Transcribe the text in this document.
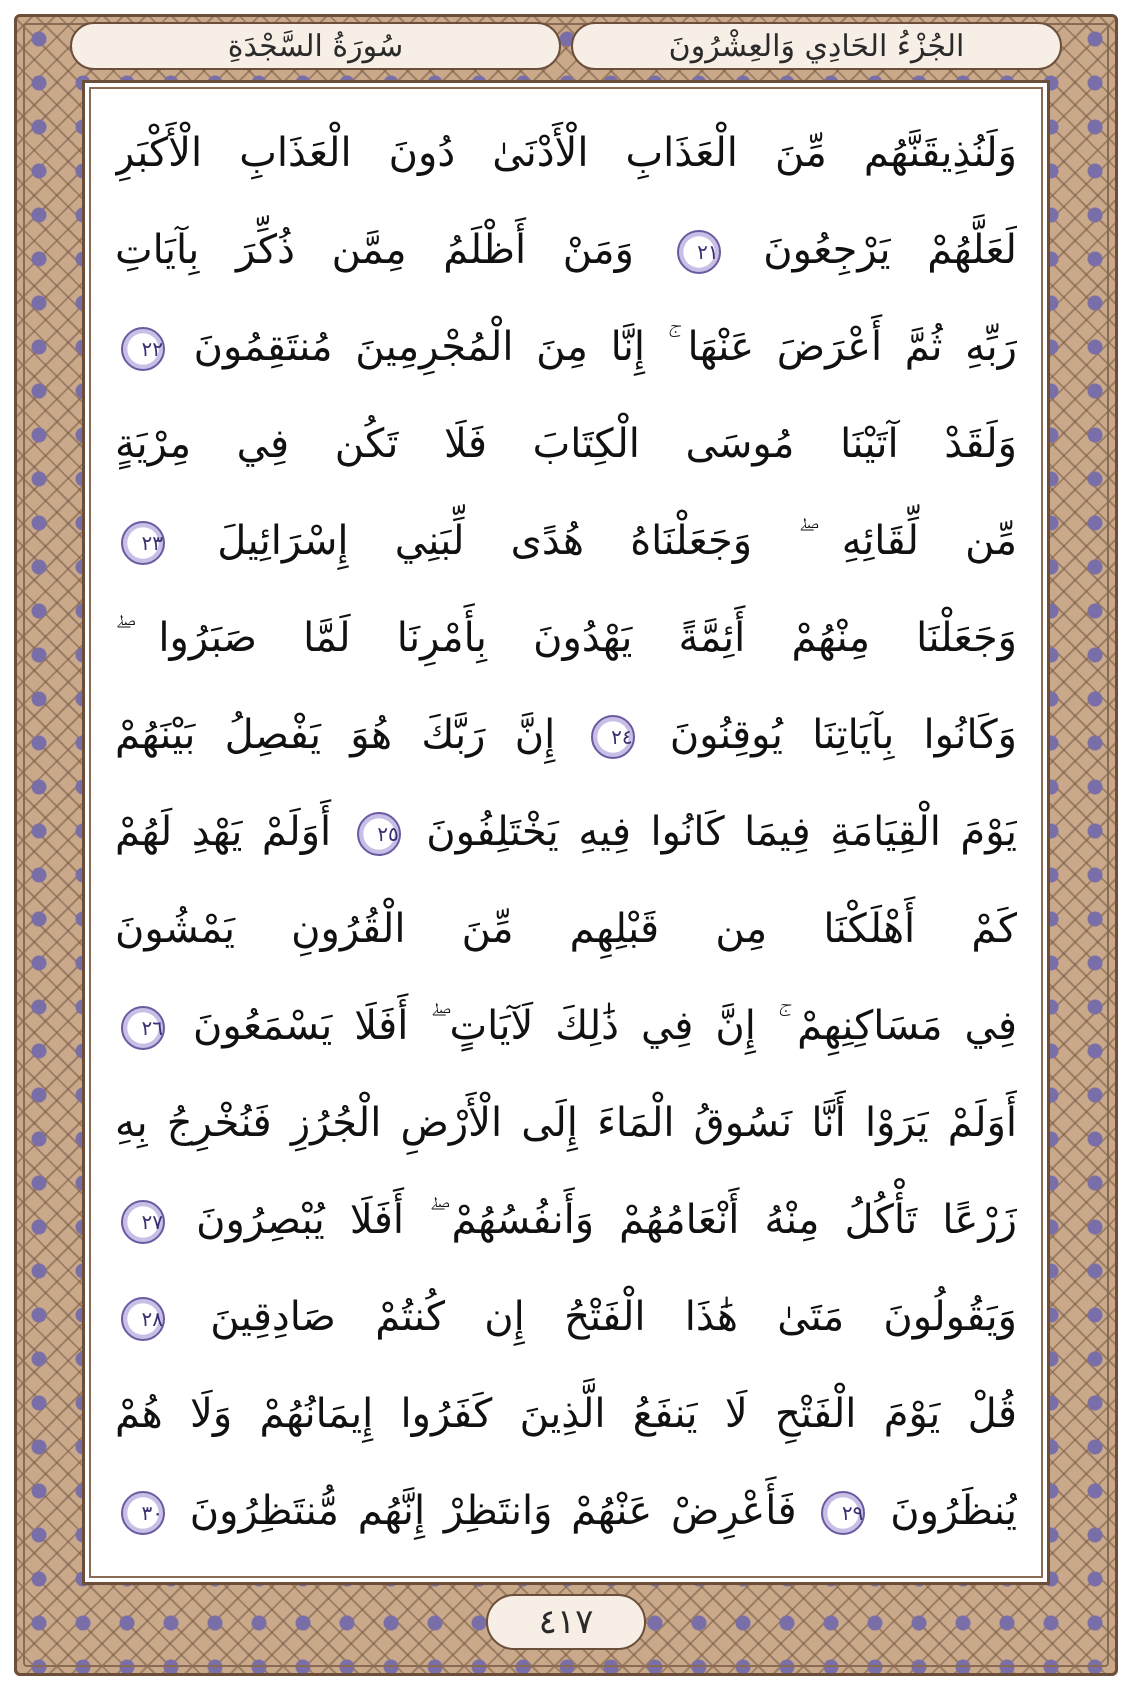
سُورَةُ السَّجْدَةِ	الجُزْءُ الحَادِي وَالعِشْرُونَ
وَلَنُذِيقَنَّهُم مِّنَ الْعَذَابِ الْأَدْنَىٰ دُونَ الْعَذَابِ الْأَكْبَرِ
لَعَلَّهُمْ يَرْجِعُونَ ٢١ وَمَنْ أَظْلَمُ مِمَّن ذُكِّرَ بِآيَاتِ
رَبِّهِ ثُمَّ أَعْرَضَ عَنْهَا ۚ إِنَّا مِنَ الْمُجْرِمِينَ مُنتَقِمُونَ ٢٢
وَلَقَدْ آتَيْنَا مُوسَى الْكِتَابَ فَلَا تَكُن فِي مِرْيَةٍ
مِّن لِّقَائِهِ ۖ وَجَعَلْنَاهُ هُدًى لِّبَنِي إِسْرَائِيلَ ٢٣
وَجَعَلْنَا مِنْهُمْ أَئِمَّةً يَهْدُونَ بِأَمْرِنَا لَمَّا صَبَرُوا ۖ
وَكَانُوا بِآيَاتِنَا يُوقِنُونَ ٢٤ إِنَّ رَبَّكَ هُوَ يَفْصِلُ بَيْنَهُمْ
يَوْمَ الْقِيَامَةِ فِيمَا كَانُوا فِيهِ يَخْتَلِفُونَ ٢٥ أَوَلَمْ يَهْدِ لَهُمْ
كَمْ أَهْلَكْنَا مِن قَبْلِهِم مِّنَ الْقُرُونِ يَمْشُونَ
فِي مَسَاكِنِهِمْ ۚ إِنَّ فِي ذَٰلِكَ لَآيَاتٍ ۖ أَفَلَا يَسْمَعُونَ ٢٦
أَوَلَمْ يَرَوْا أَنَّا نَسُوقُ الْمَاءَ إِلَى الْأَرْضِ الْجُرُزِ فَنُخْرِجُ بِهِ
زَرْعًا تَأْكُلُ مِنْهُ أَنْعَامُهُمْ وَأَنفُسُهُمْ ۖ أَفَلَا يُبْصِرُونَ ٢٧
وَيَقُولُونَ مَتَىٰ هَٰذَا الْفَتْحُ إِن كُنتُمْ صَادِقِينَ ٢٨
قُلْ يَوْمَ الْفَتْحِ لَا يَنفَعُ الَّذِينَ كَفَرُوا إِيمَانُهُمْ وَلَا هُمْ
يُنظَرُونَ ٢٩ فَأَعْرِضْ عَنْهُمْ وَانتَظِرْ إِنَّهُم مُّنتَظِرُونَ ٣٠
٤١٧
